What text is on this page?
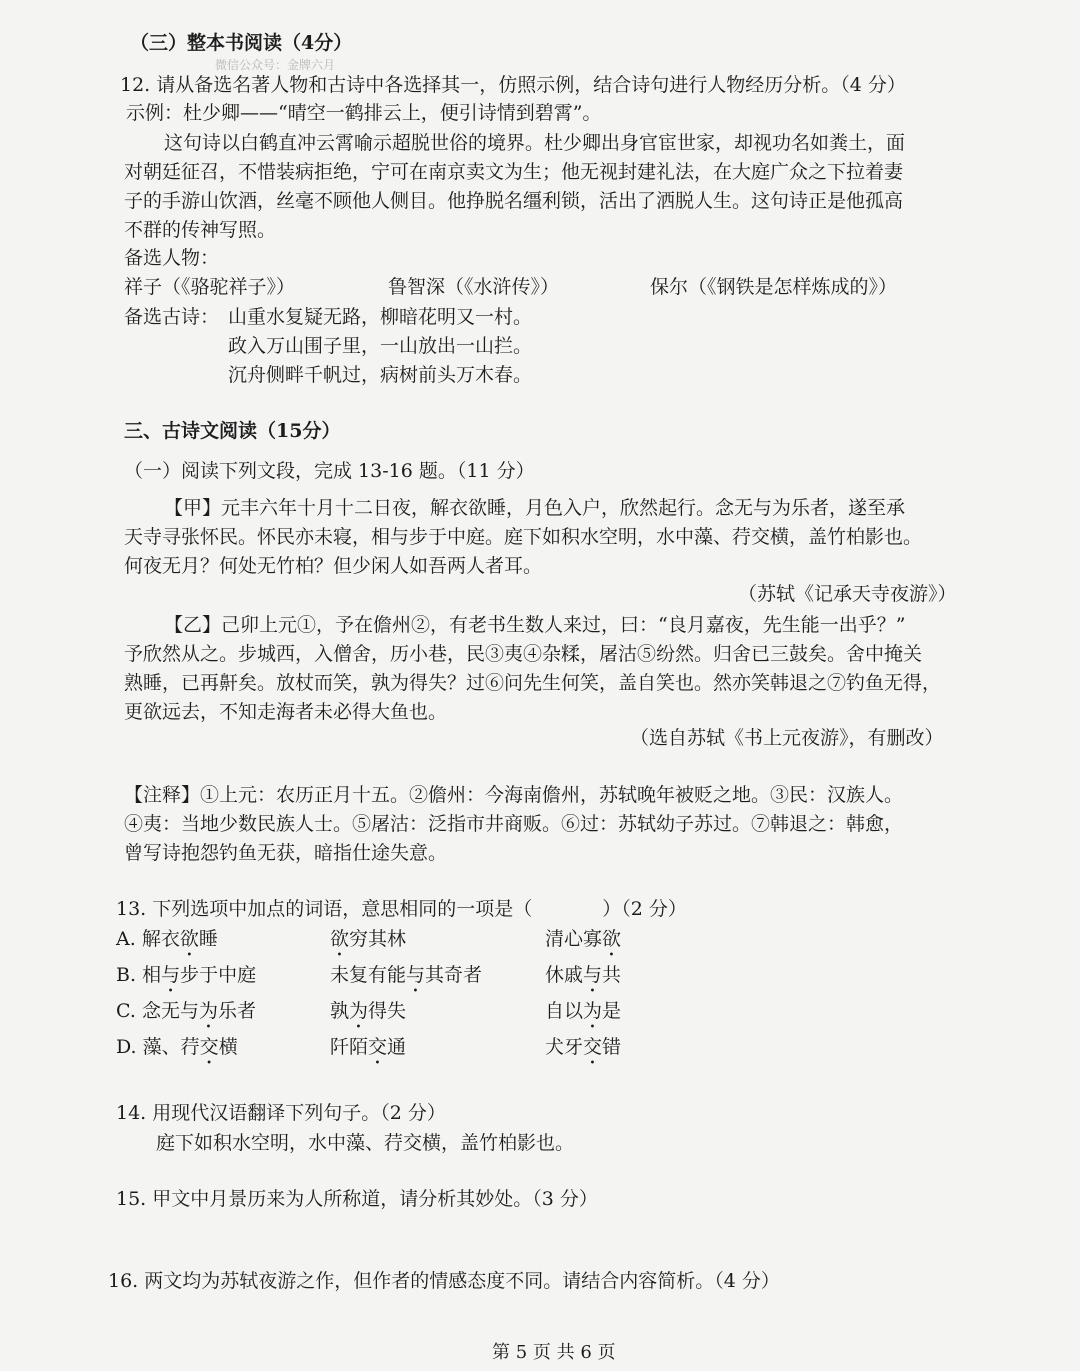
（三）整本书阅读（4分）
微信公众号：金牌六月
12. 请从备选名著人物和古诗中各选择其一，仿照示例，结合诗句进行人物经历分析。（4 分）
示例：杜少卿——“晴空一鹤排云上，便引诗情到碧霄”。
这句诗以白鹤直冲云霄喻示超脱世俗的境界。杜少卿出身官宦世家，却视功名如粪土，面
对朝廷征召，不惜装病拒绝，宁可在南京卖文为生；他无视封建礼法，在大庭广众之下拉着妻
子的手游山饮酒，丝毫不顾他人侧目。他挣脱名缰利锁，活出了洒脱人生。这句诗正是他孤高
不群的传神写照。
备选人物：
祥子（《骆驼祥子》）	鲁智深（《水浒传》）	保尔（《钢铁是怎样炼成的》）
备选古诗： 山重水复疑无路，柳暗花明又一村。
政入万山围子里，一山放出一山拦。
沉舟侧畔千帆过，病树前头万木春。
三、古诗文阅读（15分）
（一）阅读下列文段，完成 13-16 题。（11 分）
【甲】元丰六年十月十二日夜，解衣欲睡，月色入户，欣然起行。念无与为乐者，遂至承
天寺寻张怀民。怀民亦未寝，相与步于中庭。庭下如积水空明，水中藻、荇交横，盖竹柏影也。
何夜无月？何处无竹柏？但少闲人如吾两人者耳。
（苏轼《记承天寺夜游》）
【乙】己卯上元①，予在儋州②，有老书生数人来过，曰：“良月嘉夜，先生能一出乎？”
予欣然从之。步城西，入僧舍，历小巷，民③夷④杂糅，屠沽⑤纷然。归舍已三鼓矣。舍中掩关
熟睡，已再鼾矣。放杖而笑，孰为得失？过⑥问先生何笑，盖自笑也。然亦笑韩退之⑦钓鱼无得，
更欲远去，不知走海者未必得大鱼也。
（选自苏轼《书上元夜游》，有删改）
【注释】①上元：农历正月十五。②儋州：今海南儋州，苏轼晚年被贬之地。③民：汉族人。
④夷：当地少数民族人士。⑤屠沽：泛指市井商贩。⑥过：苏轼幼子苏过。⑦韩退之：韩愈，
曾写诗抱怨钓鱼无获，暗指仕途失意。
13. 下列选项中加点的词语，意思相同的一项是（	）（2 分）
A. 解衣欲睡	欲穷其林	清心寡欲
B. 相与步于中庭	未复有能与其奇者	休戚与共
C. 念无与为乐者	孰为得失	自以为是
D. 藻、荇交横	阡陌交通	犬牙交错
14. 用现代汉语翻译下列句子。（2 分）
庭下如积水空明，水中藻、荇交横，盖竹柏影也。
15. 甲文中月景历来为人所称道，请分析其妙处。（3 分）
16. 两文均为苏轼夜游之作，但作者的情感态度不同。请结合内容简析。（4 分）
第 5 页 共 6 页
